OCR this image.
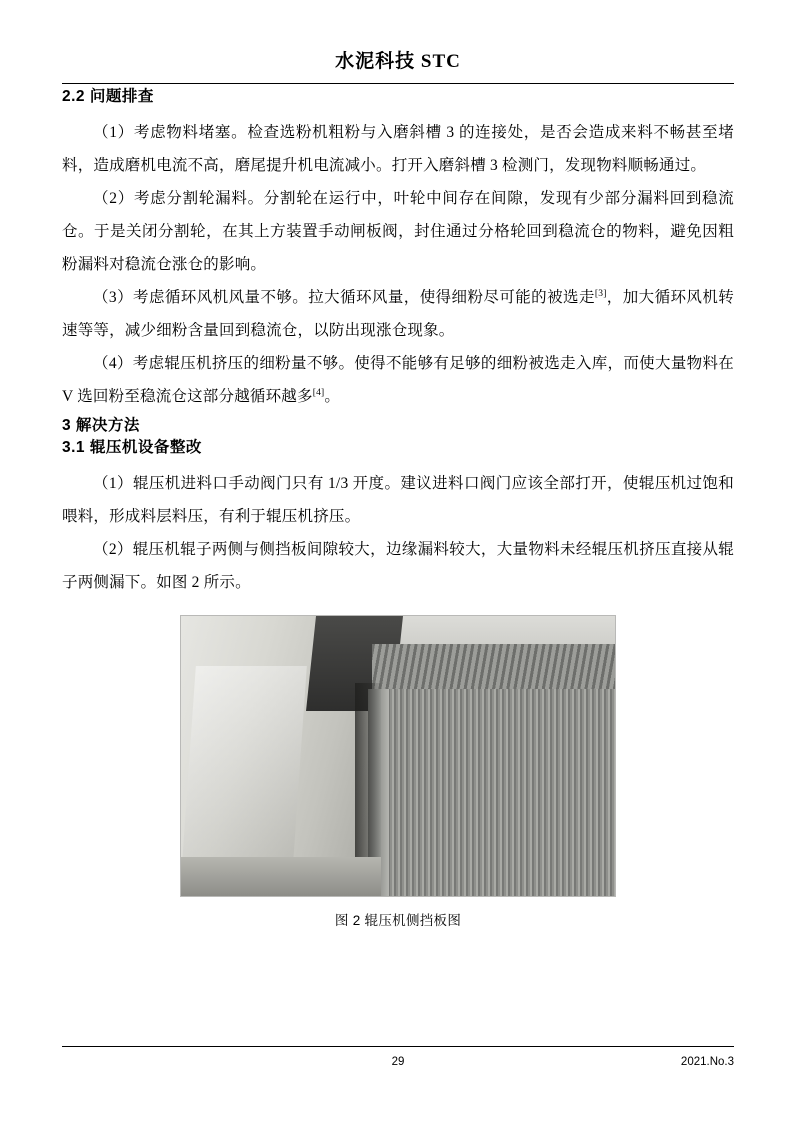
水泥科技 STC
2.2 问题排查

（1）考虑物料堵塞。检查选粉机粗粉与入磨斜槽 3 的连接处，是否会造成来料不畅甚至堵料，造成磨机电流不高，磨尾提升机电流减小。打开入磨斜槽 3 检测门，发现物料顺畅通过。

（2）考虑分割轮漏料。分割轮在运行中，叶轮中间存在间隙，发现有少部分漏料回到稳流仓。于是关闭分割轮，在其上方装置手动闸板阀，封住通过分格轮回到稳流仓的物料，避免因粗粉漏料对稳流仓涨仓的影响。

（3）考虑循环风机风量不够。拉大循环风量，使得细粉尽可能的被选走[3]，加大循环风机转速等等，减少细粉含量回到稳流仓，以防出现涨仓现象。

（4）考虑辊压机挤压的细粉量不够。使得不能够有足够的细粉被选走入库，而使大量物料在 V 选回粉至稳流仓这部分越循环越多[4]。

3 解决方法
3.1 辊压机设备整改

（1）辊压机进料口手动阀门只有 1/3 开度。建议进料口阀门应该全部打开，使辊压机过饱和喂料，形成料层料压，有利于辊压机挤压。

（2）辊压机辊子两侧与侧挡板间隙较大，边缘漏料较大，大量物料未经辊压机挤压直接从辊子两侧漏下。如图 2 所示。

图 2 辊压机侧挡板图
29	2021.No.3
